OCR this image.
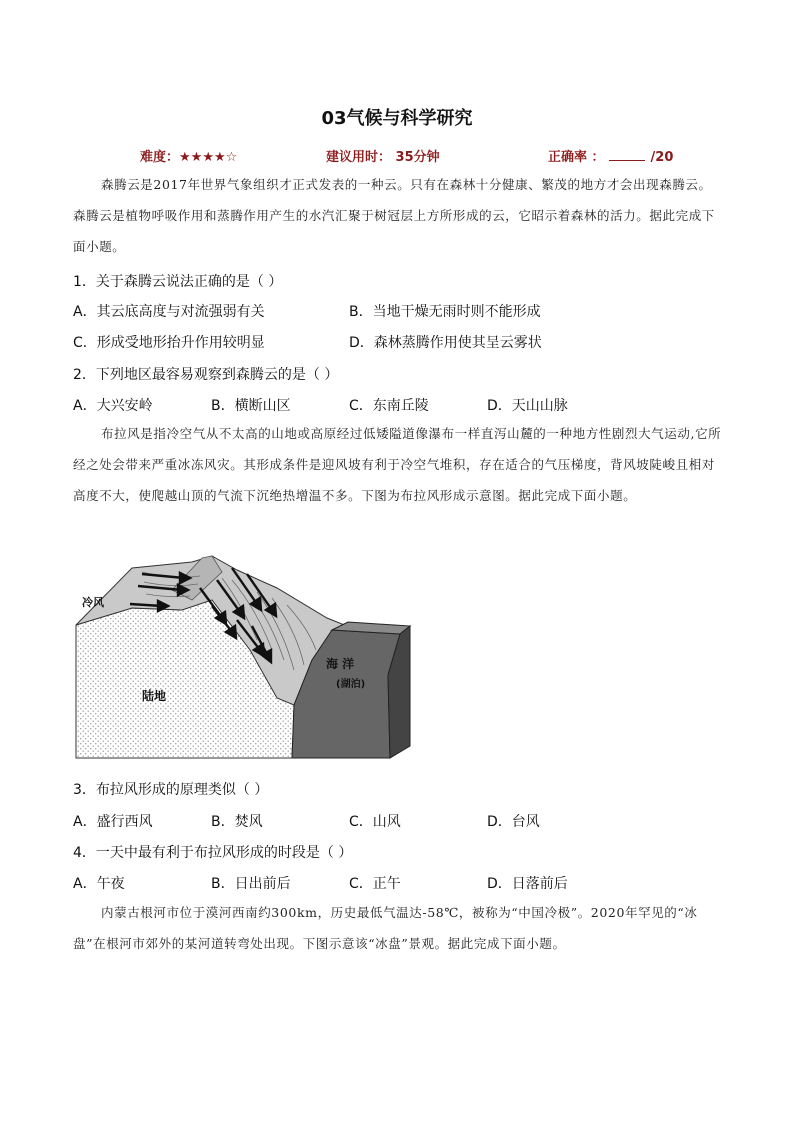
03气候与科学研究
难度：★★★★☆	建议用时： 35分钟	正确率 ：	/20
森腾云是2017年世界气象组织才正式发表的一种云。只有在森林十分健康、繁茂的地方才会出现森腾云。森腾云是植物呼吸作用和蒸腾作用产生的水汽汇聚于树冠层上方所形成的云，它昭示着森林的活力。据此完成下面小题。
1．关于森腾云说法正确的是（ ）
A．其云底高度与对流强弱有关	B．当地干燥无雨时则不能形成
C．形成受地形抬升作用较明显	D．森林蒸腾作用使其呈云雾状
2．下列地区最容易观察到森腾云的是（ ）
A．大兴安岭	B．横断山区	C．东南丘陵	D．天山山脉
布拉风是指冷空气从不太高的山地或高原经过低矮隘道像瀑布一样直泻山麓的一种地方性剧烈大气运动,它所经之处会带来严重冰冻风灾。其形成条件是迎风坡有利于冷空气堆积，存在适合的气压梯度，背风坡陡峻且相对高度不大，使爬越山顶的气流下沉绝热增温不多。下图为布拉风形成示意图。据此完成下面小题。
冷风
陆地
海 洋
(湖泊)
3．布拉风形成的原理类似（ ）
A．盛行西风	B．焚风	C．山风	D．台风
4．一天中最有利于布拉风形成的时段是（ ）
A．午夜	B．日出前后	C．正午	D．日落前后
内蒙古根河市位于漠河西南约300km，历史最低气温达-58℃，被称为“中国冷极”。2020年罕见的“冰盘”在根河市郊外的某河道转弯处出现。下图示意该“冰盘”景观。据此完成下面小题。
